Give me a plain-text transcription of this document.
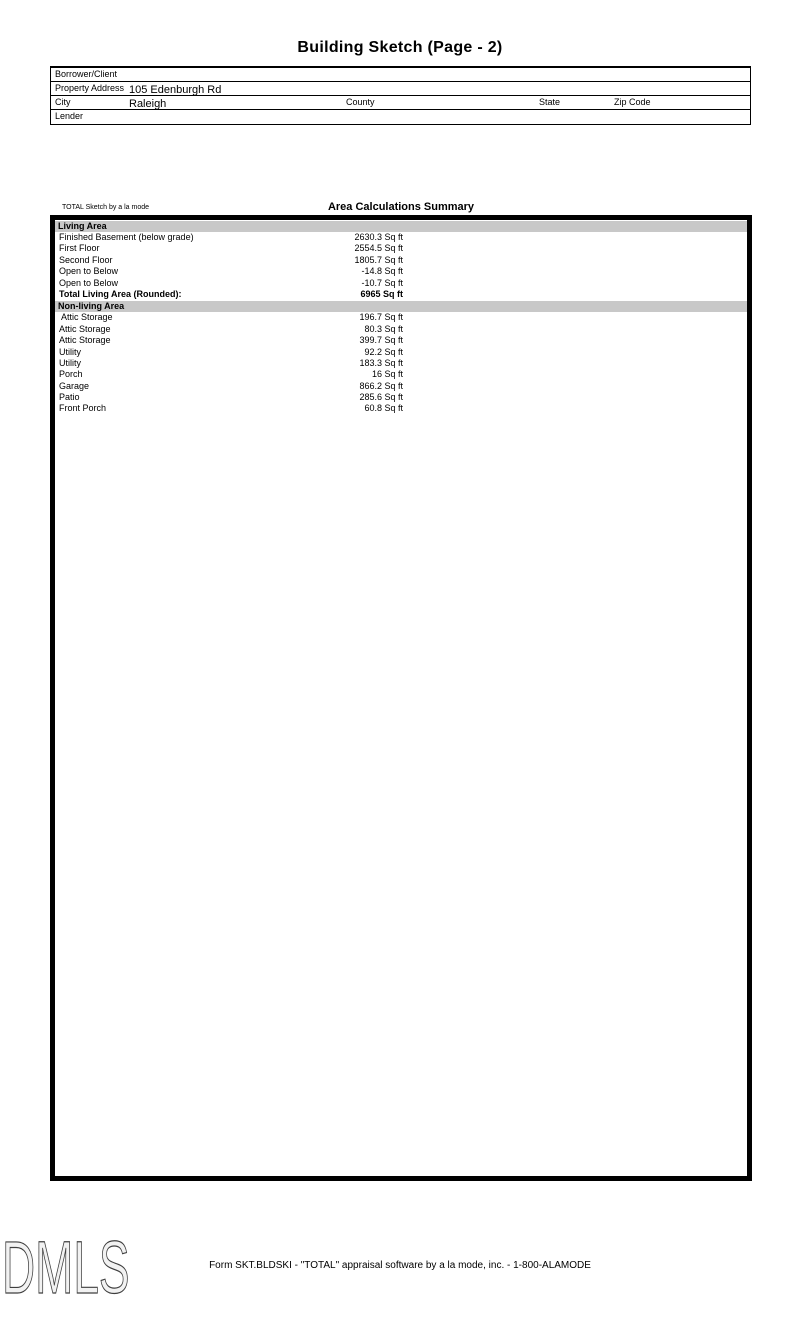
Building Sketch (Page - 2)
Borrower/Client
Property Address 105 Edenburgh Rd
City	Raleigh	County	State	Zip Code
Lender
TOTAL Sketch by a la mode	Area Calculations Summary
Living Area
Finished Basement (below grade)	2630.3 Sq ft
First Floor	2554.5 Sq ft
Second Floor	1805.7 Sq ft
Open to Below	-14.8 Sq ft
Open to Below	-10.7 Sq ft
Total Living Area (Rounded):	6965 Sq ft
Non-living Area
Attic Storage	196.7 Sq ft
Attic Storage	80.3 Sq ft
Attic Storage	399.7 Sq ft
Utility	92.2 Sq ft
Utility	183.3 Sq ft
Porch	16 Sq ft
Garage	866.2 Sq ft
Patio	285.6 Sq ft
Front Porch	60.8 Sq ft
DMLS	Form SKT.BLDSKI - "TOTAL" appraisal software by a la mode, inc. - 1-800-ALAMODE
